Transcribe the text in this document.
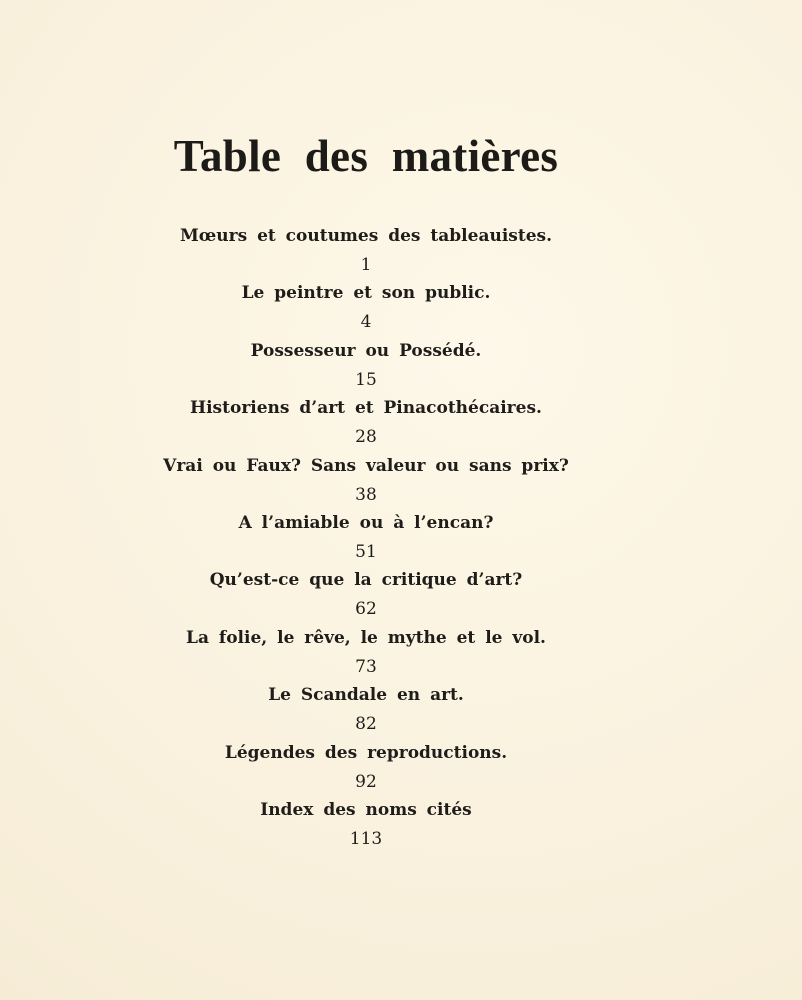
Table des matières
Mœurs et coutumes des tableauistes.
1
Le peintre et son public.
4
Possesseur ou Possédé.
15
Historiens d’art et Pinacothécaires.
28
Vrai ou Faux? Sans valeur ou sans prix?
38
A l’amiable ou à l’encan?
51
Qu’est-ce que la critique d’art?
62
La folie, le rêve, le mythe et le vol.
73
Le Scandale en art.
82
Légendes des reproductions.
92
Index des noms cités
113
